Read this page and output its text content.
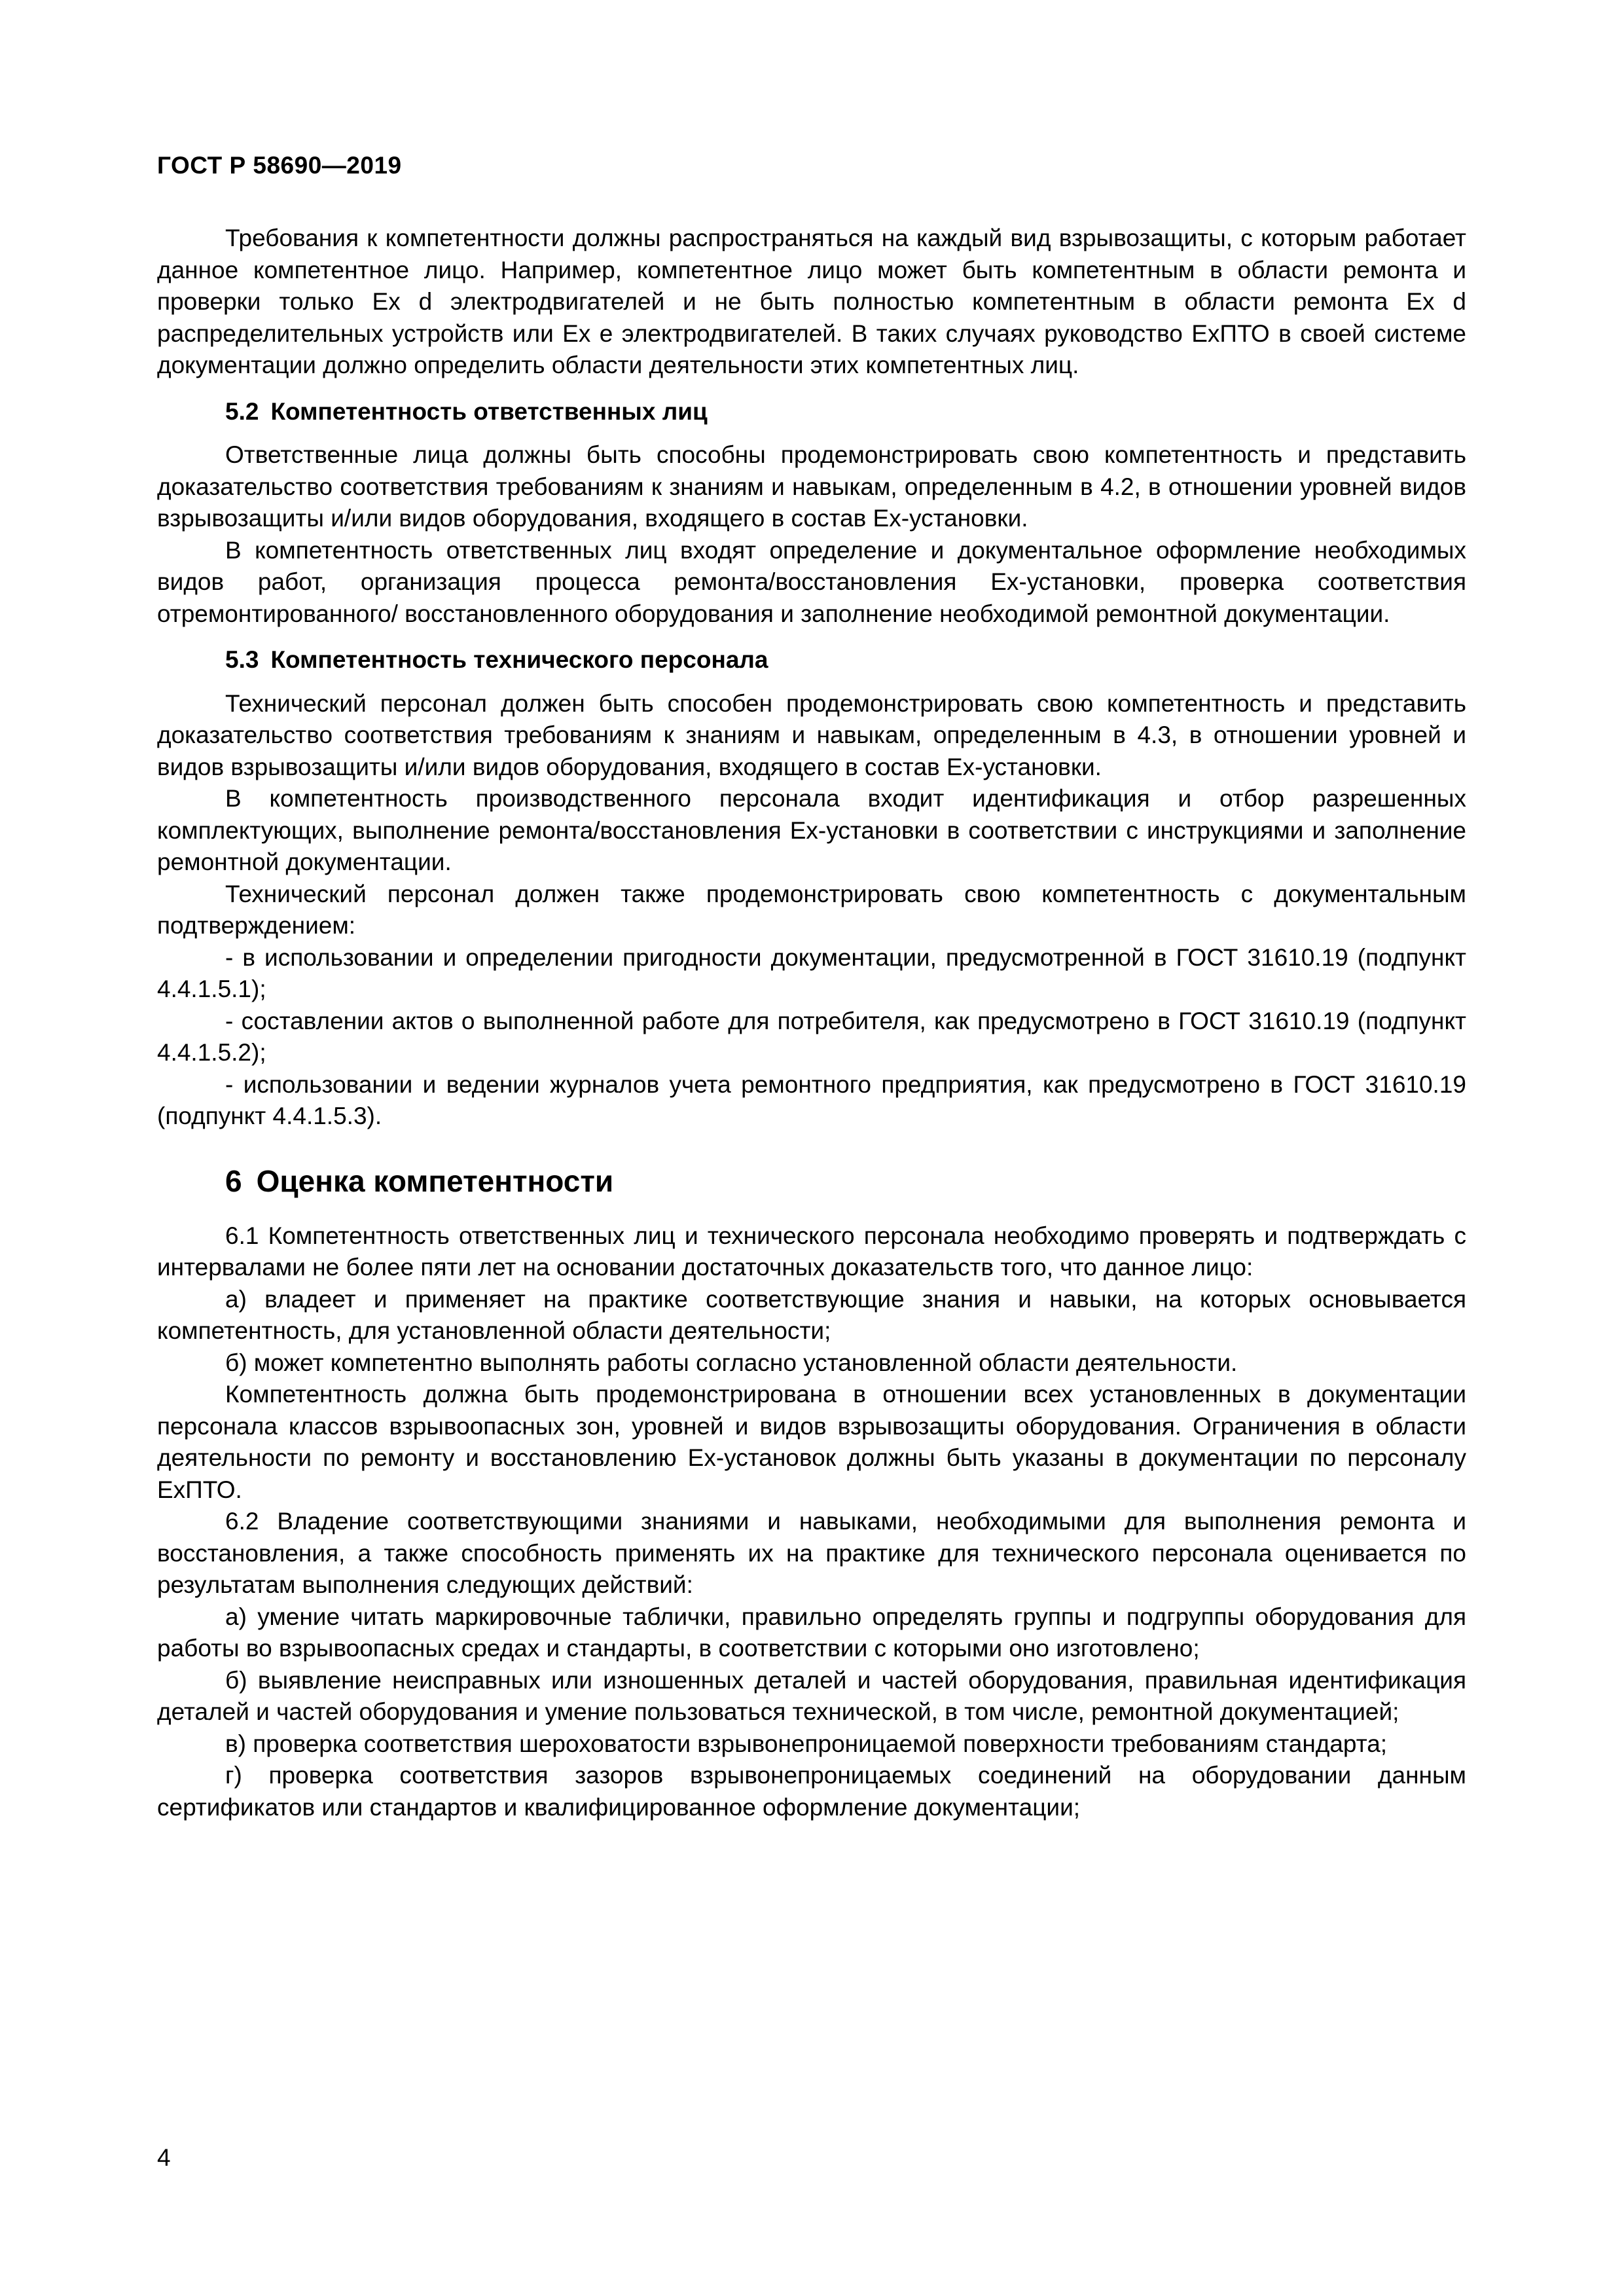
ГОСТ Р 58690—2019

Требования к компетентности должны распространяться на каждый вид взрывозащиты, с которым работает данное компетентное лицо. Например, компетентное лицо может быть компетентным в области ремонта и проверки только Ex d электродвигателей и не быть полностью компетентным в области ремонта Ex d распределительных устройств или Ex e электродвигателей. В таких случаях руководство ExПТО в своей системе документации должно определить области деятельности этих компетентных лиц.

5.2 Компетентность ответственных лиц

Ответственные лица должны быть способны продемонстрировать свою компетентность и представить доказательство соответствия требованиям к знаниям и навыкам, определенным в 4.2, в отношении уровней видов взрывозащиты и/или видов оборудования, входящего в состав Ex-установки.

В компетентность ответственных лиц входят определение и документальное оформление необходимых видов работ, организация процесса ремонта/восстановления Ex-установки, проверка соответствия отремонтированного/ восстановленного оборудования и заполнение необходимой ремонтной документации.

5.3 Компетентность технического персонала

Технический персонал должен быть способен продемонстрировать свою компетентность и представить доказательство соответствия требованиям к знаниям и навыкам, определенным в 4.3, в отношении уровней и видов взрывозащиты и/или видов оборудования, входящего в состав Ex-установки.

В компетентность производственного персонала входит идентификация и отбор разрешенных комплектующих, выполнение ремонта/восстановления Ex-установки в соответствии с инструкциями и заполнение ремонтной документации.

Технический персонал должен также продемонстрировать свою компетентность с документальным подтверждением:

- в использовании и определении пригодности документации, предусмотренной в ГОСТ 31610.19 (подпункт 4.4.1.5.1);

- составлении актов о выполненной работе для потребителя, как предусмотрено в ГОСТ 31610.19 (подпункт 4.4.1.5.2);

- использовании и ведении журналов учета ремонтного предприятия, как предусмотрено в ГОСТ 31610.19 (подпункт 4.4.1.5.3).

6 Оценка компетентности

6.1 Компетентность ответственных лиц и технического персонала необходимо проверять и подтверждать с интервалами не более пяти лет на основании достаточных доказательств того, что данное лицо:

а) владеет и применяет на практике соответствующие знания и навыки, на которых основывается компетентность, для установленной области деятельности;

б) может компетентно выполнять работы согласно установленной области деятельности.

Компетентность должна быть продемонстрирована в отношении всех установленных в документации персонала классов взрывоопасных зон, уровней и видов взрывозащиты оборудования. Ограничения в области деятельности по ремонту и восстановлению Ex-установок должны быть указаны в документации по персоналу ExПТО.

6.2 Владение соответствующими знаниями и навыками, необходимыми для выполнения ремонта и восстановления, а также способность применять их на практике для технического персонала оценивается по результатам выполнения следующих действий:

а) умение читать маркировочные таблички, правильно определять группы и подгруппы оборудования для работы во взрывоопасных средах и стандарты, в соответствии с которыми оно изготовлено;

б) выявление неисправных или изношенных деталей и частей оборудования, правильная идентификация деталей и частей оборудования и умение пользоваться технической, в том числе, ремонтной документацией;

в) проверка соответствия шероховатости взрывонепроницаемой поверхности требованиям стандарта;

г) проверка соответствия зазоров взрывонепроницаемых соединений на оборудовании данным сертификатов или стандартов и квалифицированное оформление документации;

4
